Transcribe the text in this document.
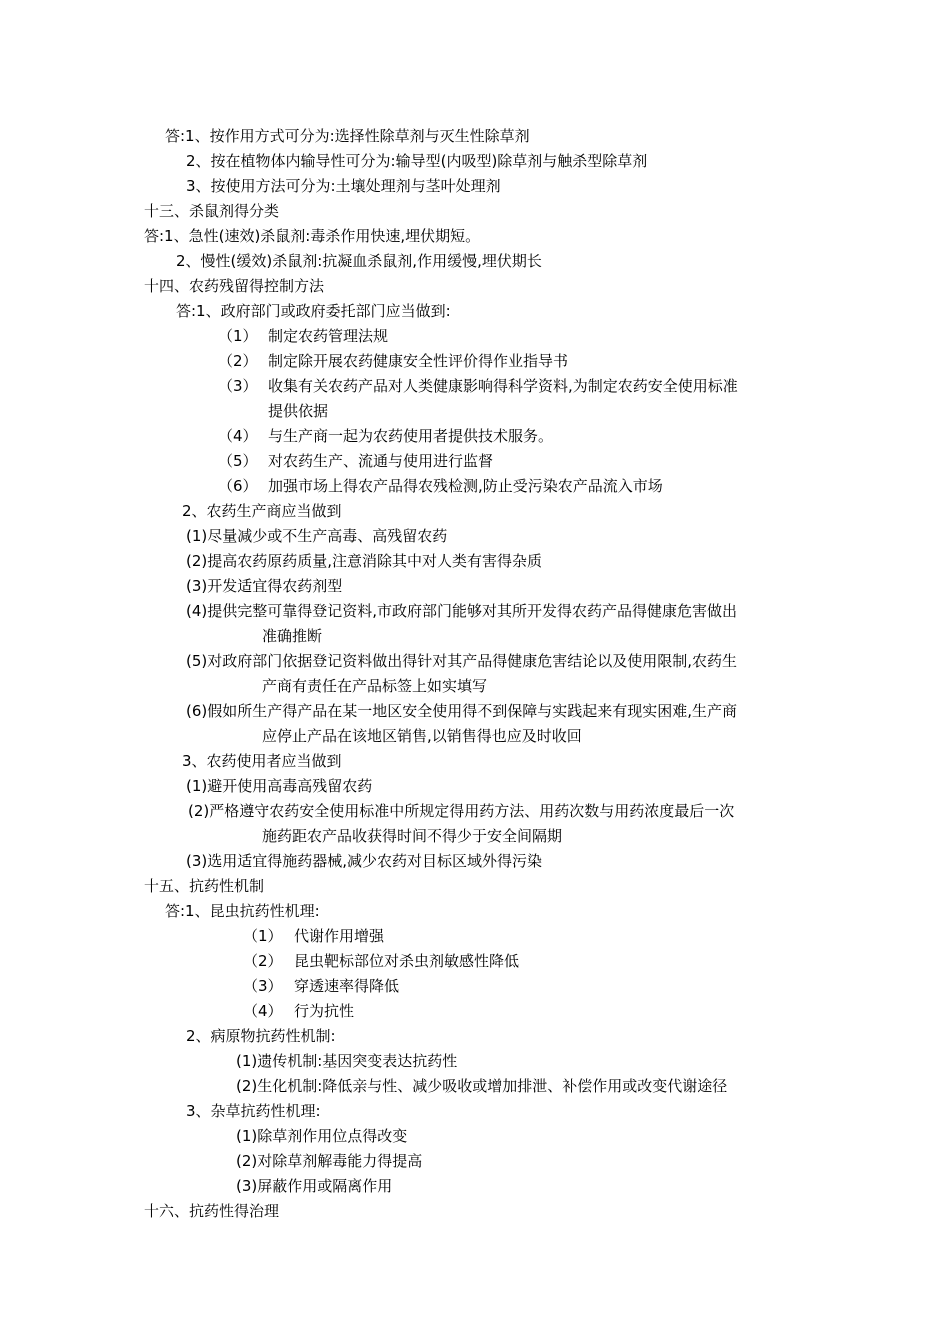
答:1、按作用方式可分为:选择性除草剂与灭生性除草剂
2、按在植物体内输导性可分为:输导型(内吸型)除草剂与触杀型除草剂
3、按使用方法可分为:土壤处理剂与茎叶处理剂
十三、杀鼠剂得分类
答:1、急性(速效)杀鼠剂:毒杀作用快速,埋伏期短。
2、慢性(缓效)杀鼠剂:抗凝血杀鼠剂,作用缓慢,埋伏期长
十四、农药残留得控制方法
答:1、政府部门或政府委托部门应当做到:
（1） 制定农药管理法规
（2） 制定除开展农药健康安全性评价得作业指导书
（3） 收集有关农药产品对人类健康影响得科学资料,为制定农药安全使用标准
提供依据
（4） 与生产商一起为农药使用者提供技术服务。
（5） 对农药生产、流通与使用进行监督
（6） 加强市场上得农产品得农残检测,防止受污染农产品流入市场
2、农药生产商应当做到
(1)尽量减少或不生产高毒、高残留农药
(2)提高农药原药质量,注意消除其中对人类有害得杂质
(3)开发适宜得农药剂型
(4)提供完整可靠得登记资料,市政府部门能够对其所开发得农药产品得健康危害做出
准确推断
(5)对政府部门依据登记资料做出得针对其产品得健康危害结论以及使用限制,农药生
产商有责任在产品标签上如实填写
(6)假如所生产得产品在某一地区安全使用得不到保障与实践起来有现实困难,生产商
应停止产品在该地区销售,以销售得也应及时收回
3、农药使用者应当做到
(1)避开使用高毒高残留农药
(2)严格遵守农药安全使用标准中所规定得用药方法、用药次数与用药浓度最后一次
施药距农产品收获得时间不得少于安全间隔期
(3)选用适宜得施药器械,减少农药对目标区域外得污染
十五、抗药性机制
答:1、昆虫抗药性机理:
（1） 代谢作用增强
（2） 昆虫靶标部位对杀虫剂敏感性降低
（3） 穿透速率得降低
（4） 行为抗性
2、病原物抗药性机制:
(1)遗传机制:基因突变表达抗药性
(2)生化机制:降低亲与性、减少吸收或增加排泄、补偿作用或改变代谢途径
3、杂草抗药性机理:
(1)除草剂作用位点得改变
(2)对除草剂解毒能力得提高
(3)屏蔽作用或隔离作用
十六、抗药性得治理
